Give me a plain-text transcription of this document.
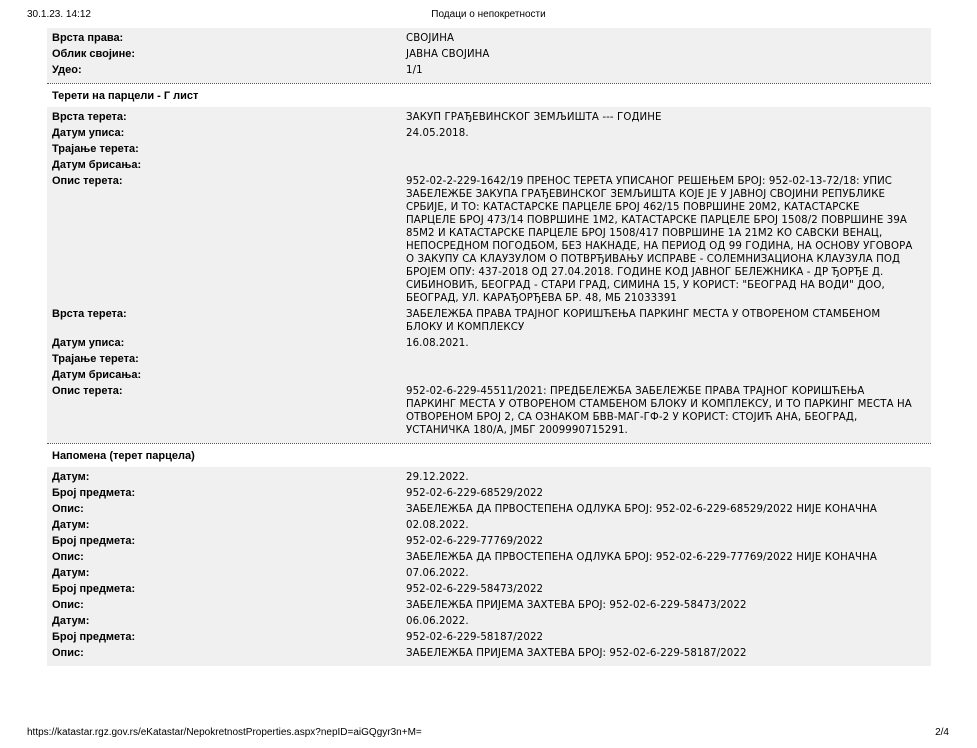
30.1.23. 14:12	Подаци о непокретности
Врста права:	СВОЈИНА
Облик својине:	ЈАВНА СВОЈИНА
Удео:	1/1
Терети на парцели - Г лист
Врста терета:	ЗАКУП ГРАЂЕВИНСКОГ ЗЕМЉИШТА --- ГОДИНЕ
Датум уписа:	24.05.2018.
Трајање терета:
Датум брисања:
Опис терета:	952-02-2-229-1642/19 ПРЕНОС ТЕРЕТА УПИСАНОГ РЕШЕЊЕМ БРОЈ: 952-02-13-72/18: УПИС
ЗАБЕЛЕЖБЕ ЗАКУПА ГРАЂЕВИНСКОГ ЗЕМЉИШТА КОЈЕ ЈЕ У ЈАВНОЈ СВОЈИНИ РЕПУБЛИКЕ
СРБИЈЕ, И ТО: КАТАСТАРСКЕ ПАРЦЕЛЕ БРОЈ 462/15 ПОВРШИНЕ 20М2, КАТАСТАРСКЕ
ПАРЦЕЛЕ БРОЈ 473/14 ПОВРШИНЕ 1М2, КАТАСТАРСКЕ ПАРЦЕЛЕ БРОЈ 1508/2 ПОВРШИНЕ 39А
85М2 И КАТАСТАРСКЕ ПАРЦЕЛЕ БРОЈ 1508/417 ПОВРШИНЕ 1А 21М2 КО САВСКИ ВЕНАЦ,
НЕПОСРЕДНОМ ПОГОДБОМ, БЕЗ НАКНАДЕ, НА ПЕРИОД ОД 99 ГОДИНА, НА ОСНОВУ УГОВОРА
О ЗАКУПУ СА КЛАУЗУЛОМ О ПОТВРЂИВАЊУ ИСПРАВЕ - СОЛЕМНИЗАЦИОНА КЛАУЗУЛА ПОД
БРОЈЕМ ОПУ: 437-2018 ОД 27.04.2018. ГОДИНЕ КОД ЈАВНОГ БЕЛЕЖНИКА - ДР ЂОРЂЕ Д.
СИБИНОВИЋ, БЕОГРАД - СТАРИ ГРАД, СИМИНА 15, У КОРИСТ: "БЕОГРАД НА ВОДИ" ДОО,
БЕОГРАД, УЛ. КАРАЂОРЂЕВА БР. 48, МБ 21033391
Врста терета:	ЗАБЕЛЕЖБА ПРАВА ТРАЈНОГ КОРИШЋЕЊА ПАРКИНГ МЕСТА У ОТВОРЕНОМ СТАМБЕНОМ
БЛОКУ И КОМПЛЕКСУ
Датум уписа:	16.08.2021.
Трајање терета:
Датум брисања:
Опис терета:	952-02-6-229-45511/2021: ПРЕДБЕЛЕЖБА ЗАБЕЛЕЖБЕ ПРАВА ТРАЈНОГ КОРИШЋЕЊА
ПАРКИНГ МЕСТА У ОТВОРЕНОМ СТАМБЕНОМ БЛОКУ И КОМПЛЕКСУ, И ТО ПАРКИНГ МЕСТА НА
ОТВОРЕНОМ БРОЈ 2, СА ОЗНАКОМ БВВ-МАГ-ГФ-2 У КОРИСТ: СТОЈИЋ АНА, БЕОГРАД,
УСТАНИЧКА 180/А, ЈМБГ 2009990715291.
Напомена (терет парцела)
Датум:	29.12.2022.
Број предмета:	952-02-6-229-68529/2022
Опис:	ЗАБЕЛЕЖБА ДА ПРВОСТЕПЕНА ОДЛУКА БРОЈ: 952-02-6-229-68529/2022 НИЈЕ КОНАЧНА
Датум:	02.08.2022.
Број предмета:	952-02-6-229-77769/2022
Опис:	ЗАБЕЛЕЖБА ДА ПРВОСТЕПЕНА ОДЛУКА БРОЈ: 952-02-6-229-77769/2022 НИЈЕ КОНАЧНА
Датум:	07.06.2022.
Број предмета:	952-02-6-229-58473/2022
Опис:	ЗАБЕЛЕЖБА ПРИЈЕМА ЗАХТЕВА БРОЈ: 952-02-6-229-58473/2022
Датум:	06.06.2022.
Број предмета:	952-02-6-229-58187/2022
Опис:	ЗАБЕЛЕЖБА ПРИЈЕМА ЗАХТЕВА БРОЈ: 952-02-6-229-58187/2022
https://katastar.rgz.gov.rs/eKatastar/NepokretnostProperties.aspx?nepID=aiGQgyr3n+M=	2/4
